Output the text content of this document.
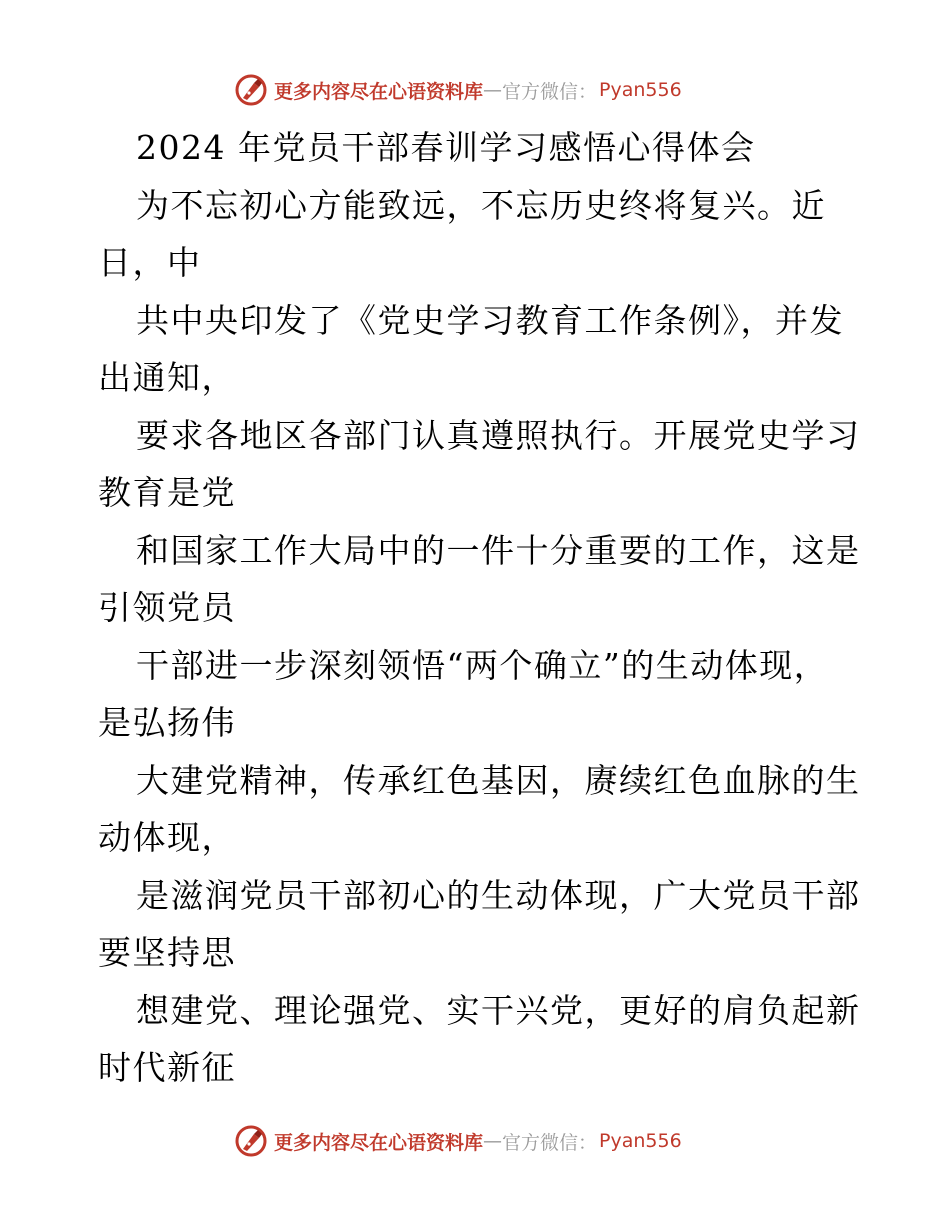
更多内容尽在心语资料库 — 官方微信： Pyan556
2024 年党员干部春训学习感悟心得体会
为不忘初心方能致远，不忘历史终将复兴。近
日，中
共中央印发了《党史学习教育工作条例》，并发
出通知，
要求各地区各部门认真遵照执行。开展党史学习
教育是党
和国家工作大局中的一件十分重要的工作，这是
引领党员
干部进一步深刻领悟“两个确立”的生动体现，
是弘扬伟
大建党精神，传承红色基因，赓续红色血脉的生
动体现，
是滋润党员干部初心的生动体现，广大党员干部
要坚持思
想建党、理论强党、实干兴党，更好的肩负起新
时代新征
更多内容尽在心语资料库 — 官方微信： Pyan556
